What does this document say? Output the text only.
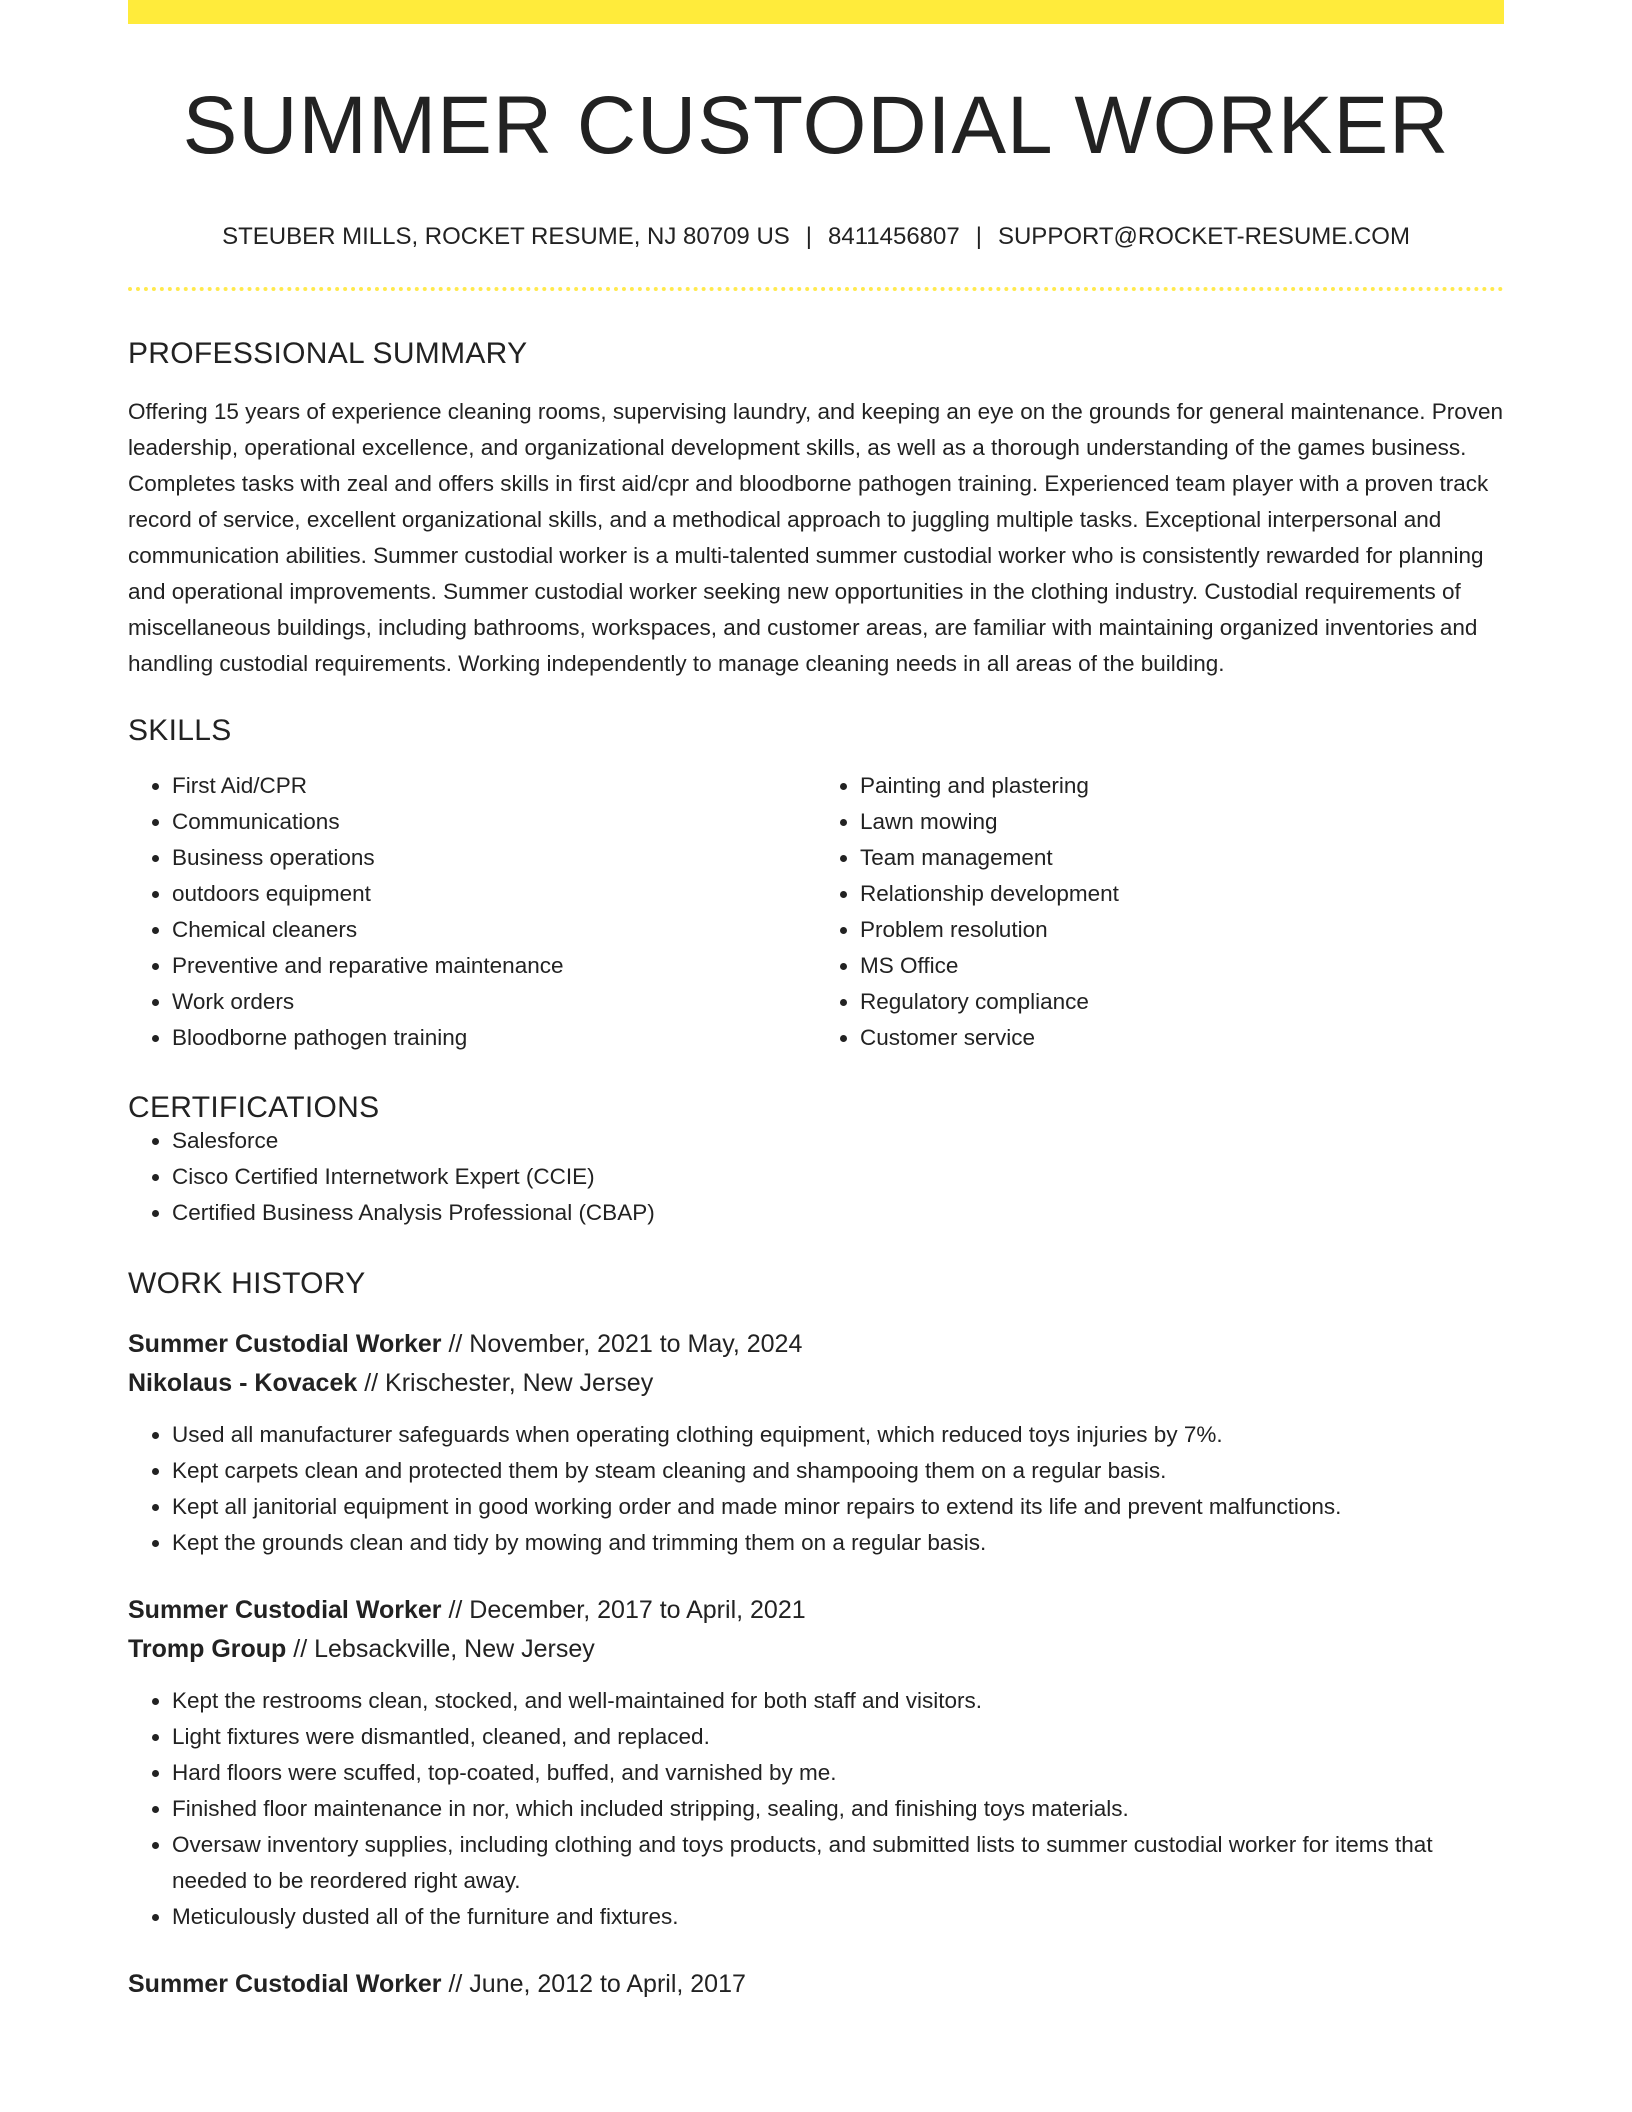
SUMMER CUSTODIAL WORKER
STEUBER MILLS, ROCKET RESUME, NJ 80709 US | 8411456807 | SUPPORT@ROCKET-RESUME.COM
PROFESSIONAL SUMMARY

Offering 15 years of experience cleaning rooms, supervising laundry, and keeping an eye on the grounds for general maintenance. Proven leadership, operational excellence, and organizational development skills, as well as a thorough understanding of the games business. Completes tasks with zeal and offers skills in first aid/cpr and bloodborne pathogen training. Experienced team player with a proven track record of service, excellent organizational skills, and a methodical approach to juggling multiple tasks. Exceptional interpersonal and communication abilities. Summer custodial worker is a multi-talented summer custodial worker who is consistently rewarded for planning and operational improvements. Summer custodial worker seeking new opportunities in the clothing industry. Custodial requirements of miscellaneous buildings, including bathrooms, workspaces, and customer areas, are familiar with maintaining organized inventories and handling custodial requirements. Working independently to manage cleaning needs in all areas of the building.

SKILLS
• First Aid/CPR
• Communications
• Business operations
• outdoors equipment
• Chemical cleaners
• Preventive and reparative maintenance
• Work orders
• Bloodborne pathogen training
• Painting and plastering
• Lawn mowing
• Team management
• Relationship development
• Problem resolution
• MS Office
• Regulatory compliance
• Customer service
CERTIFICATIONS
• Salesforce
• Cisco Certified Internetwork Expert (CCIE)
• Certified Business Analysis Professional (CBAP)
WORK HISTORY
Summer Custodial Worker // November, 2021 to May, 2024
Nikolaus - Kovacek // Krischester, New Jersey
• Used all manufacturer safeguards when operating clothing equipment, which reduced toys injuries by 7%.
• Kept carpets clean and protected them by steam cleaning and shampooing them on a regular basis.
• Kept all janitorial equipment in good working order and made minor repairs to extend its life and prevent malfunctions.
• Kept the grounds clean and tidy by mowing and trimming them on a regular basis.
Summer Custodial Worker // December, 2017 to April, 2021
Tromp Group // Lebsackville, New Jersey
• Kept the restrooms clean, stocked, and well-maintained for both staff and visitors.
• Light fixtures were dismantled, cleaned, and replaced.
• Hard floors were scuffed, top-coated, buffed, and varnished by me.
• Finished floor maintenance in nor, which included stripping, sealing, and finishing toys materials.
• Oversaw inventory supplies, including clothing and toys products, and submitted lists to summer custodial worker for items that needed to be reordered right away.
• Meticulously dusted all of the furniture and fixtures.
Summer Custodial Worker // June, 2012 to April, 2017
